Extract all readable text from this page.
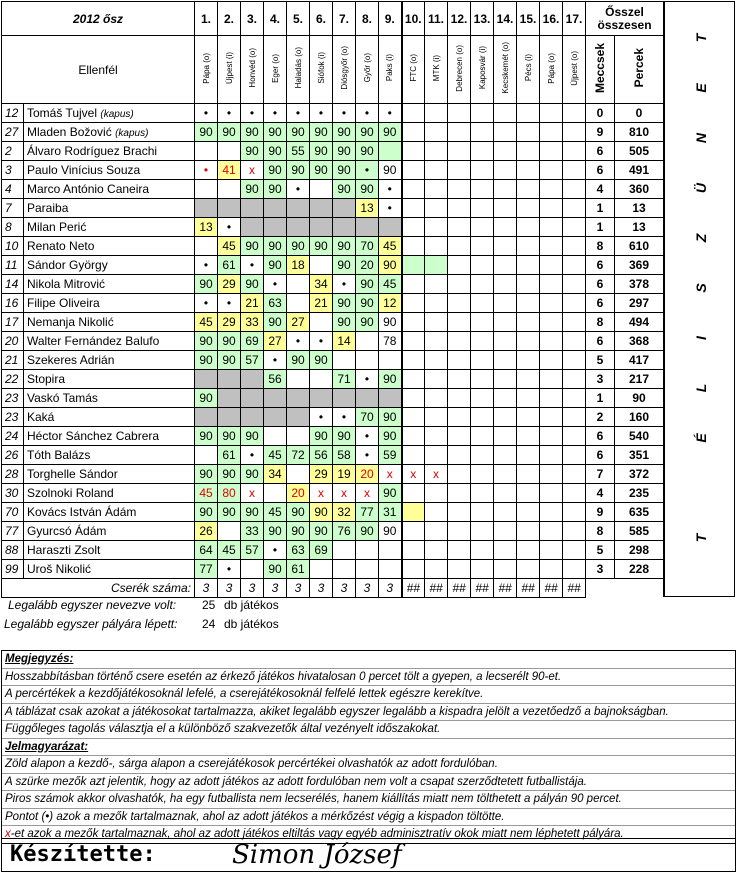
2012 ősz		1.	2.	3.	4.	5.	6.	7.	8.	9.	10.	11.	12.	13.	14.	15.	16.	17.	Ősszel összesen	
Ellenfél		Pápa (o)	Újpest (i)	Honvéd (o)	Eger (o)	Haladás (o)	Siófok (i)	Diósgyőr (o)	Győr (o)	Paks (i)	FTC (o)	MTK (i)	Debrecen (o)	Kaposvár (i)	Kecskemét (o)	Pécs (i)	Pápa (o)	Újpest (o)	Meccsek	Percek
12	Tomáš Tujvel (kapus)	•	•	•	•	•	•	•	•	•									0	0
27	Mladen Božović (kapus)	90	90	90	90	90	90	90	90	90									9	810
2	Álvaro Rodríguez Brachi			90	90	55	90	90	90										6	505
3	Paulo Vinícius Souza	•	41	x	90	90	90	90	•	90									6	491
4	Marco António Caneira			90	90	•		90	90	•									4	360
7	Paraiba								13	•									1	13
8	Milan Perić	13	•																1	13
10	Renato Neto		45	90	90	90	90	90	70	45									8	610
11	Sándor György	•	61	•	90	18		90	20	90									6	369
14	Nikola Mitrović	90	29	90	•		34	•	90	45									6	378
16	Filipe Oliveira	•	•	21	63		21	90	90	12									6	297
17	Nemanja Nikolić	45	29	33	90	27		90	90	90									8	494
20	Walter Fernández Balufo	90	90	69	27	•	•	14		78									6	368
21	Szekeres Adrián	90	90	57	•	90	90												5	417
22	Stopira				56			71	•	90									3	217
23	Vaskó Tamás	90																	1	90
23	Kaká						•	•	70	90									2	160
24	Héctor Sánchez Cabrera	90	90	90			90	90	•	90									6	540
26	Tóth Balázs		61	•	45	72	56	58	•	59									6	351
28	Torghelle Sándor	90	90	90	34		29	19	20	x	x	x							7	372
30	Szolnoki Roland	45	80	x		20	x	x	x	90									4	235
70	Kovács István Ádám	90	90	90	45	90	90	32	77	31									9	635
77	Gyurcsó Ádám	26		33	90	90	90	76	90	90									8	585
88	Haraszti Zsolt	64	45	57	•	63	69												5	298
99	Uroš Nikolić	77	•		90	61													3	228
Cserék száma:		3	3	3	3	3	3	3	3	3	##	##	##	##	##	##	##	##		
T
E
N
Ü
Z
S
I
L
É
T
Legalább egyszer nevezve volt: 25 db játékos
Legalább egyszer pályára lépett: 24 db játékos
Megjegyzés:
Hosszabbításban történő csere esetén az érkező játékos hivatalosan 0 percet tölt a gyepen, a lecserélt 90-et.
A percértékek a kezdőjátékosoknál lefelé, a cserejátékosoknál felfelé lettek egészre kerekítve.
A táblázat csak azokat a játékosokat tartalmazza, akiket legalább egyszer legalább a kispadra jelölt a vezetőedző a bajnokságban.
Függőleges tagolás választja el a különböző szakvezetők által vezényelt időszakokat.
Jelmagyarázat:
Zöld alapon a kezdő-, sárga alapon a cserejátékosok percértékei olvashatók az adott fordulóban.
A szürke mezők azt jelentik, hogy az adott játékos az adott fordulóban nem volt a csapat szerződtetett futballistája.
Piros számok akkor olvashatók, ha egy futballista nem lecserélés, hanem kiállítás miatt nem tölthetett a pályán 90 percet.
Pontot (•) azok a mezők tartalmaznak, ahol az adott játékos a mérkőzést végig a kispadon töltötte.
x-et azok a mezők tartalmaznak, ahol az adott játékos eltiltás vagy egyéb adminisztratív okok miatt nem léphetett pályára.
Készítette:	Simon József
